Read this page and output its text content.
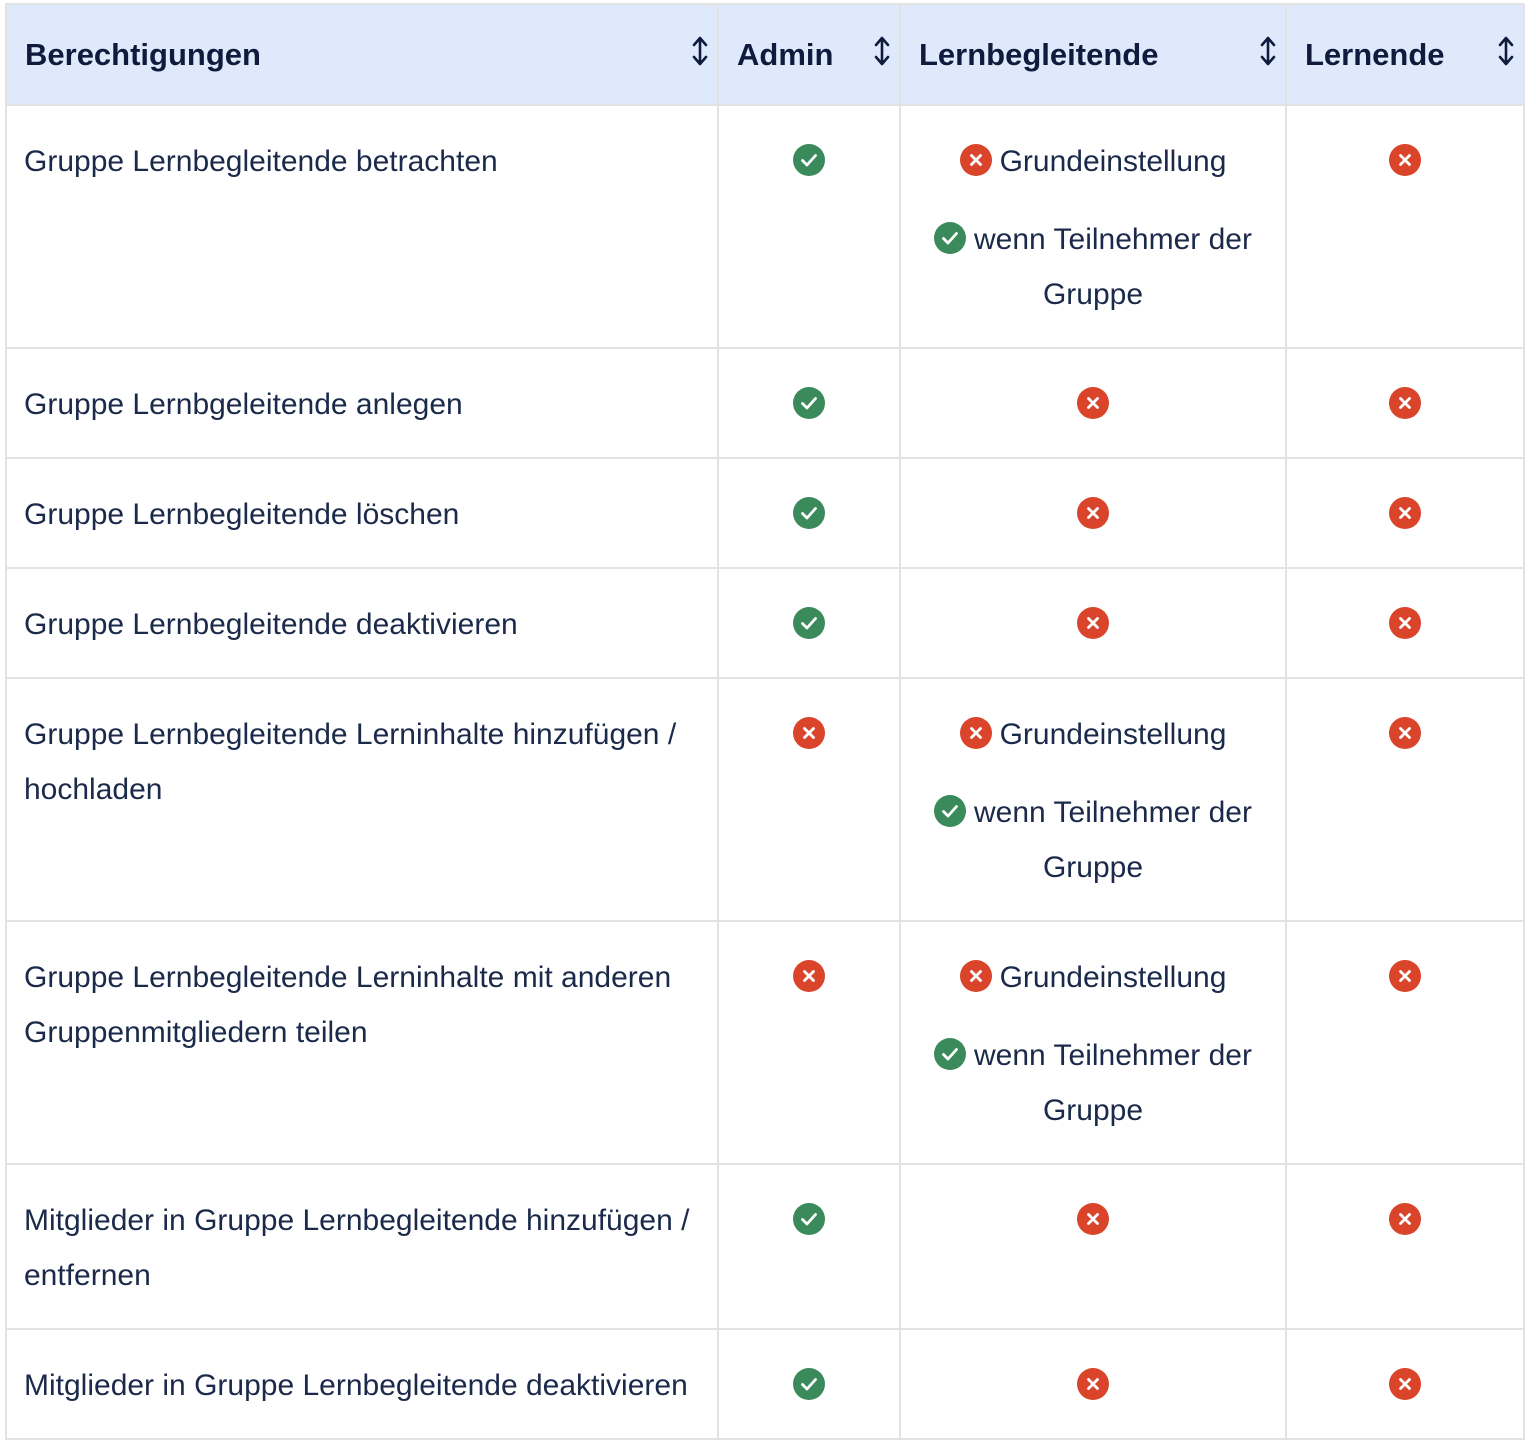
Berechtigungen	Admin	Lernbegleitende	Lernende

Gruppe Lernbegleitende betrachten		Grundeinstellung
wenn Teilnehmer der Gruppe

Gruppe Lernbgeleitende anlegen	

Gruppe Lernbegleitende löschen	

Gruppe Lernbegleitende deaktivieren	

Gruppe Lernbegleitende Lerninhalte hinzufügen / hochladen		Grundeinstellung
wenn Teilnehmer der Gruppe

Gruppe Lernbegleitende Lerninhalte mit anderen Gruppenmitgliedern teilen		Grundeinstellung
wenn Teilnehmer der Gruppe

Mitglieder in Gruppe Lernbegleitende hinzufügen / entfernen	

Mitglieder in Gruppe Lernbegleitende deaktivieren	
